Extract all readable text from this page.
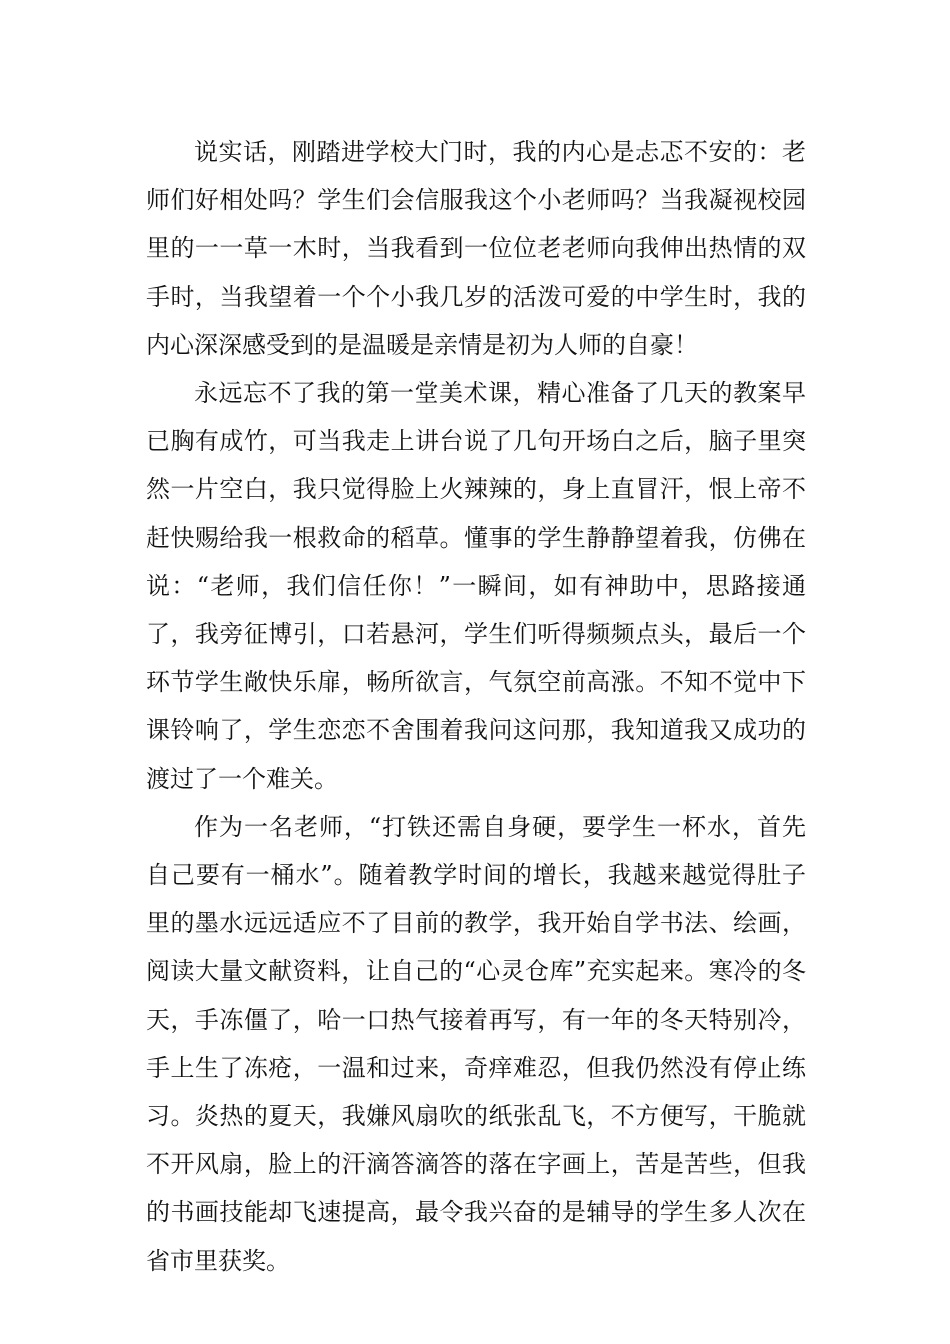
说实话，刚踏进学校大门时，我的内心是忐忑不安的：老师们好相处吗？学生们会信服我这个小老师吗？当我凝视校园里的一一草一木时，当我看到一位位老老师向我伸出热情的双手时，当我望着一个个小我几岁的活泼可爱的中学生时，我的内心深深感受到的是温暖是亲情是初为人师的自豪！

永远忘不了我的第一堂美术课，精心准备了几天的教案早已胸有成竹，可当我走上讲台说了几句开场白之后，脑子里突然一片空白，我只觉得脸上火辣辣的，身上直冒汗，恨上帝不赶快赐给我一根救命的稻草。懂事的学生静静望着我，仿佛在说：“老师，我们信任你！”一瞬间，如有神助中，思路接通了，我旁征博引，口若悬河，学生们听得频频点头，最后一个环节学生敞快乐扉，畅所欲言，气氛空前高涨。不知不觉中下课铃响了，学生恋恋不舍围着我问这问那，我知道我又成功的渡过了一个难关。

作为一名老师，“打铁还需自身硬，要学生一杯水，首先自己要有一桶水”。随着教学时间的增长，我越来越觉得肚子里的墨水远远适应不了目前的教学，我开始自学书法、绘画，阅读大量文献资料，让自己的“心灵仓库”充实起来。寒冷的冬天，手冻僵了，哈一口热气接着再写，有一年的冬天特别冷，手上生了冻疮，一温和过来，奇痒难忍，但我仍然没有停止练习。炎热的夏天，我嫌风扇吹的纸张乱飞，不方便写，干脆就不开风扇，脸上的汗滴答滴答的落在字画上，苦是苦些，但我的书画技能却飞速提高，最令我兴奋的是辅导的学生多人次在省市里获奖。
